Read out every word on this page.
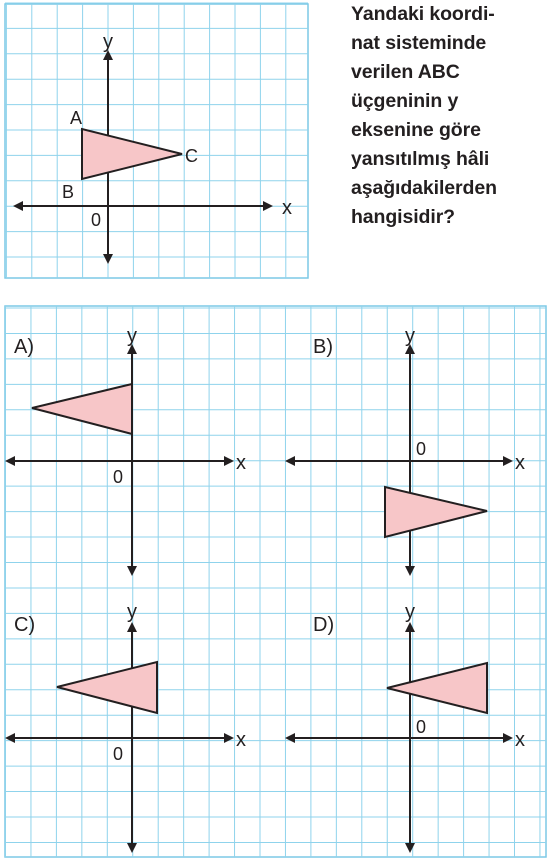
A
B
C
y
x
0
A)	y
x
0
B)	y
x
0
C)
y
x
0
D)
y
x
0
Yandaki koordi-
nat sisteminde
verilen ABC
üçgeninin y
eksenine göre
yansıtılmış hâli
aşağıdakilerden
hangisidir?
